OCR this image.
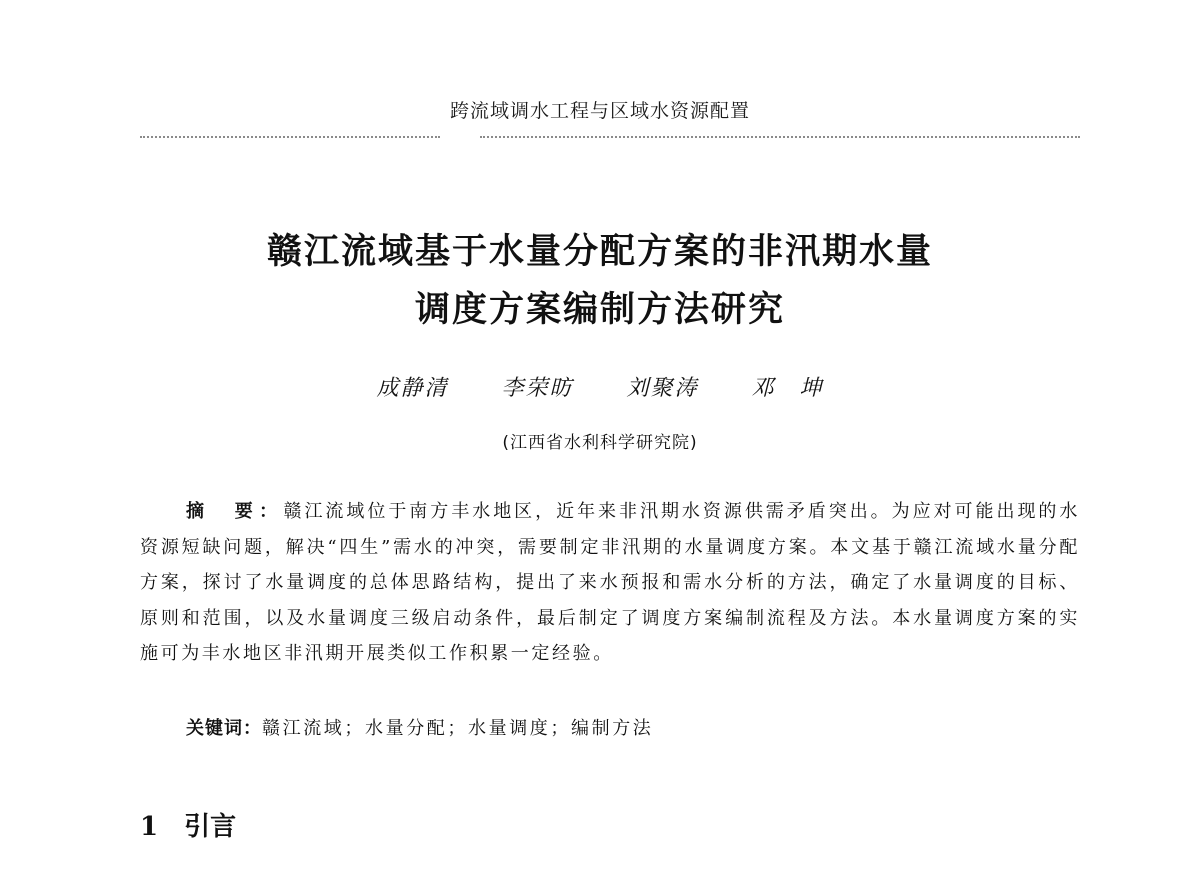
跨流域调水工程与区域水资源配置
赣江流域基于水量分配方案的非汛期水量
调度方案编制方法研究
成静清 李荣昉 刘聚涛 邓　坤
(江西省水利科学研究院)
摘　要：赣江流域位于南方丰水地区，近年来非汛期水资源供需矛盾突出。为应对可能出现的水资源短缺问题，解决“四生”需水的冲突，需要制定非汛期的水量调度方案。本文基于赣江流域水量分配方案，探讨了水量调度的总体思路结构，提出了来水预报和需水分析的方法，确定了水量调度的目标、原则和范围，以及水量调度三级启动条件，最后制定了调度方案编制流程及方法。本水量调度方案的实施可为丰水地区非汛期开展类似工作积累一定经验。
关键词：赣江流域；水量分配；水量调度；编制方法
1 引言
